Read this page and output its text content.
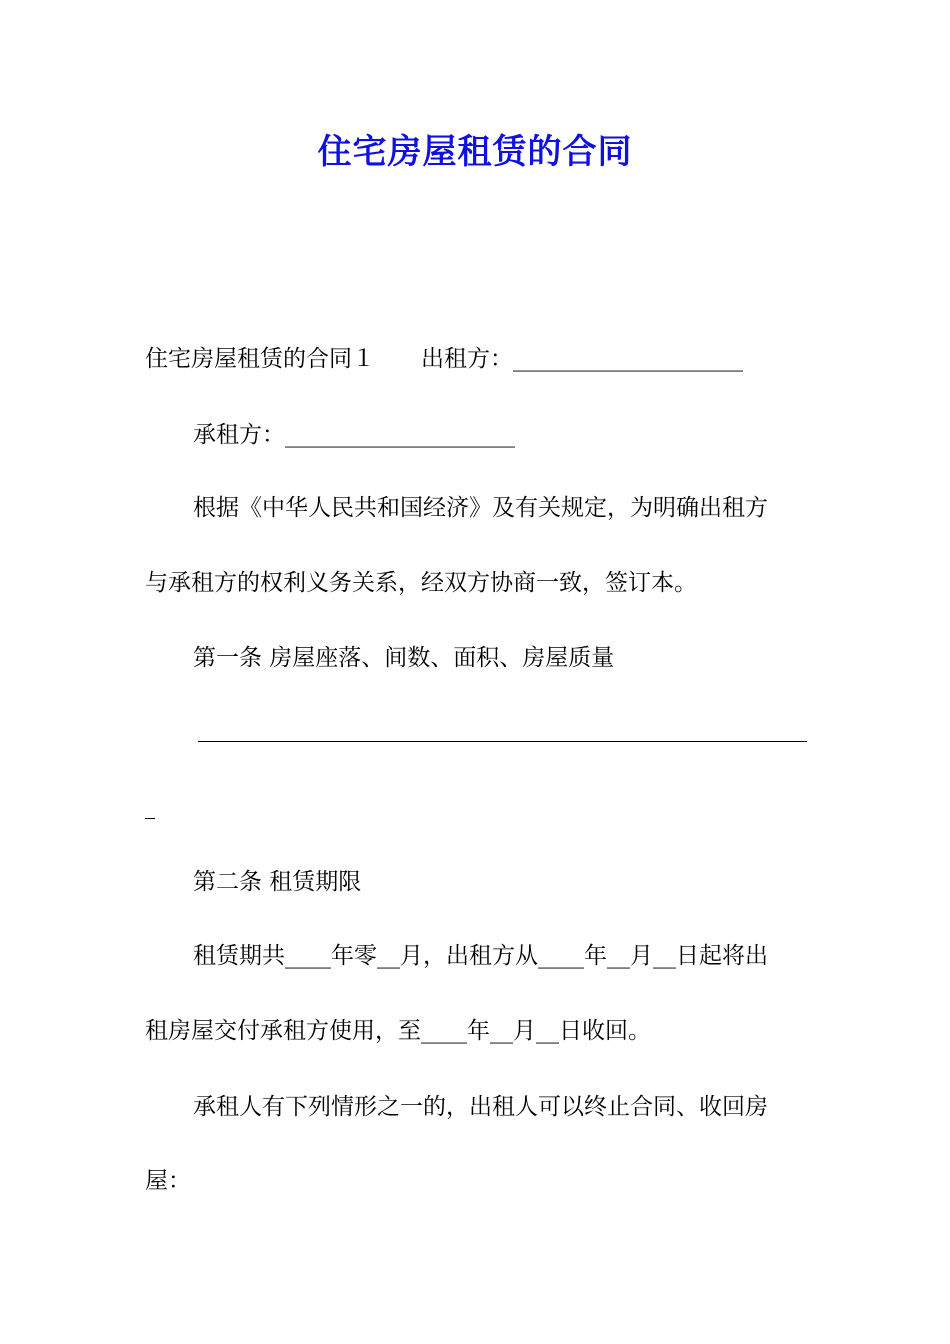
住宅房屋租赁的合同
住宅房屋租赁的合同１ 出租方：____________________
承租方：____________________
根据《中华人民共和国经济》及有关规定，为明确出租方
与承租方的权利义务关系，经双方协商一致，签订本。
第一条 房屋座落、间数、面积、房屋质量
第二条 租赁期限
租赁期共____年零__月，出租方从____年__月__日起将出
租房屋交付承租方使用，至____年__月__日收回。
承租人有下列情形之一的，出租人可以终止合同、收回房
屋：
